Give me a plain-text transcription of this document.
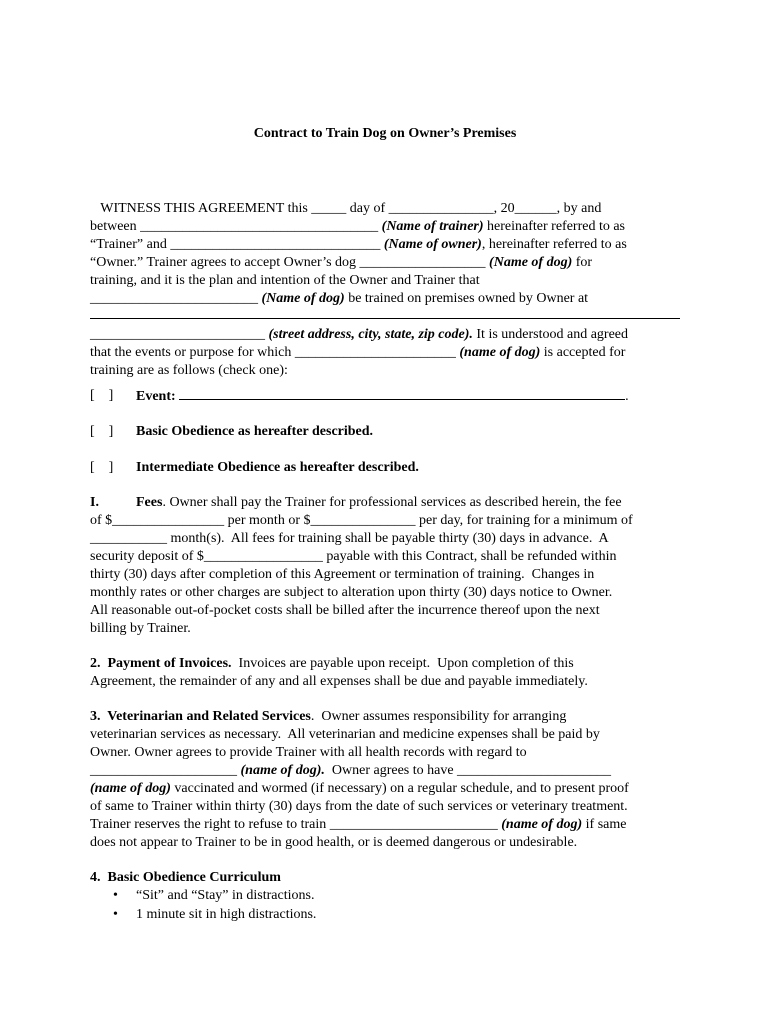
Contract to Train Dog on Owner’s Premises
WITNESS THIS AGREEMENT this _____ day of _______________, 20______, by and
between __________________________________ (Name of trainer) hereinafter referred to as
“Trainer” and ______________________________ (Name of owner), hereinafter referred to as
“Owner.” Trainer agrees to accept Owner’s dog __________________ (Name of dog) for
training, and it is the plan and intention of the Owner and Trainer that
________________________ (Name of dog) be trained on premises owned by Owner at
_________________________ (street address, city, state, zip code). It is understood and agreed
that the events or purpose for which _______________________ (name of dog) is accepted for
training are as follows (check one):
[    ] Event:	.
[    ] Basic Obedience as hereafter described.
[    ] Intermediate Obedience as hereafter described.
I.	Fees. Owner shall pay the Trainer for professional services as described herein, the fee
of $________________ per month or $_______________ per day, for training for a minimum of
___________ month(s).  All fees for training shall be payable thirty (30) days in advance.  A
security deposit of $_________________ payable with this Contract, shall be refunded within
thirty (30) days after completion of this Agreement or termination of training.  Changes in
monthly rates or other charges are subject to alteration upon thirty (30) days notice to Owner.
All reasonable out-of-pocket costs shall be billed after the incurrence thereof upon the next
billing by Trainer.
2.  Payment of Invoices.  Invoices are payable upon receipt.  Upon completion of this
Agreement, the remainder of any and all expenses shall be due and payable immediately.
3.  Veterinarian and Related Services.  Owner assumes responsibility for arranging
veterinarian services as necessary.  All veterinarian and medicine expenses shall be paid by
Owner. Owner agrees to provide Trainer with all health records with regard to
_____________________ (name of dog).  Owner agrees to have ______________________
(name of dog) vaccinated and wormed (if necessary) on a regular schedule, and to present proof
of same to Trainer within thirty (30) days from the date of such services or veterinary treatment.
Trainer reserves the right to refuse to train ________________________ (name of dog) if same
does not appear to Trainer to be in good health, or is deemed dangerous or undesirable.
4.  Basic Obedience Curriculum
• “Sit” and “Stay” in distractions.
• 1 minute sit in high distractions.
